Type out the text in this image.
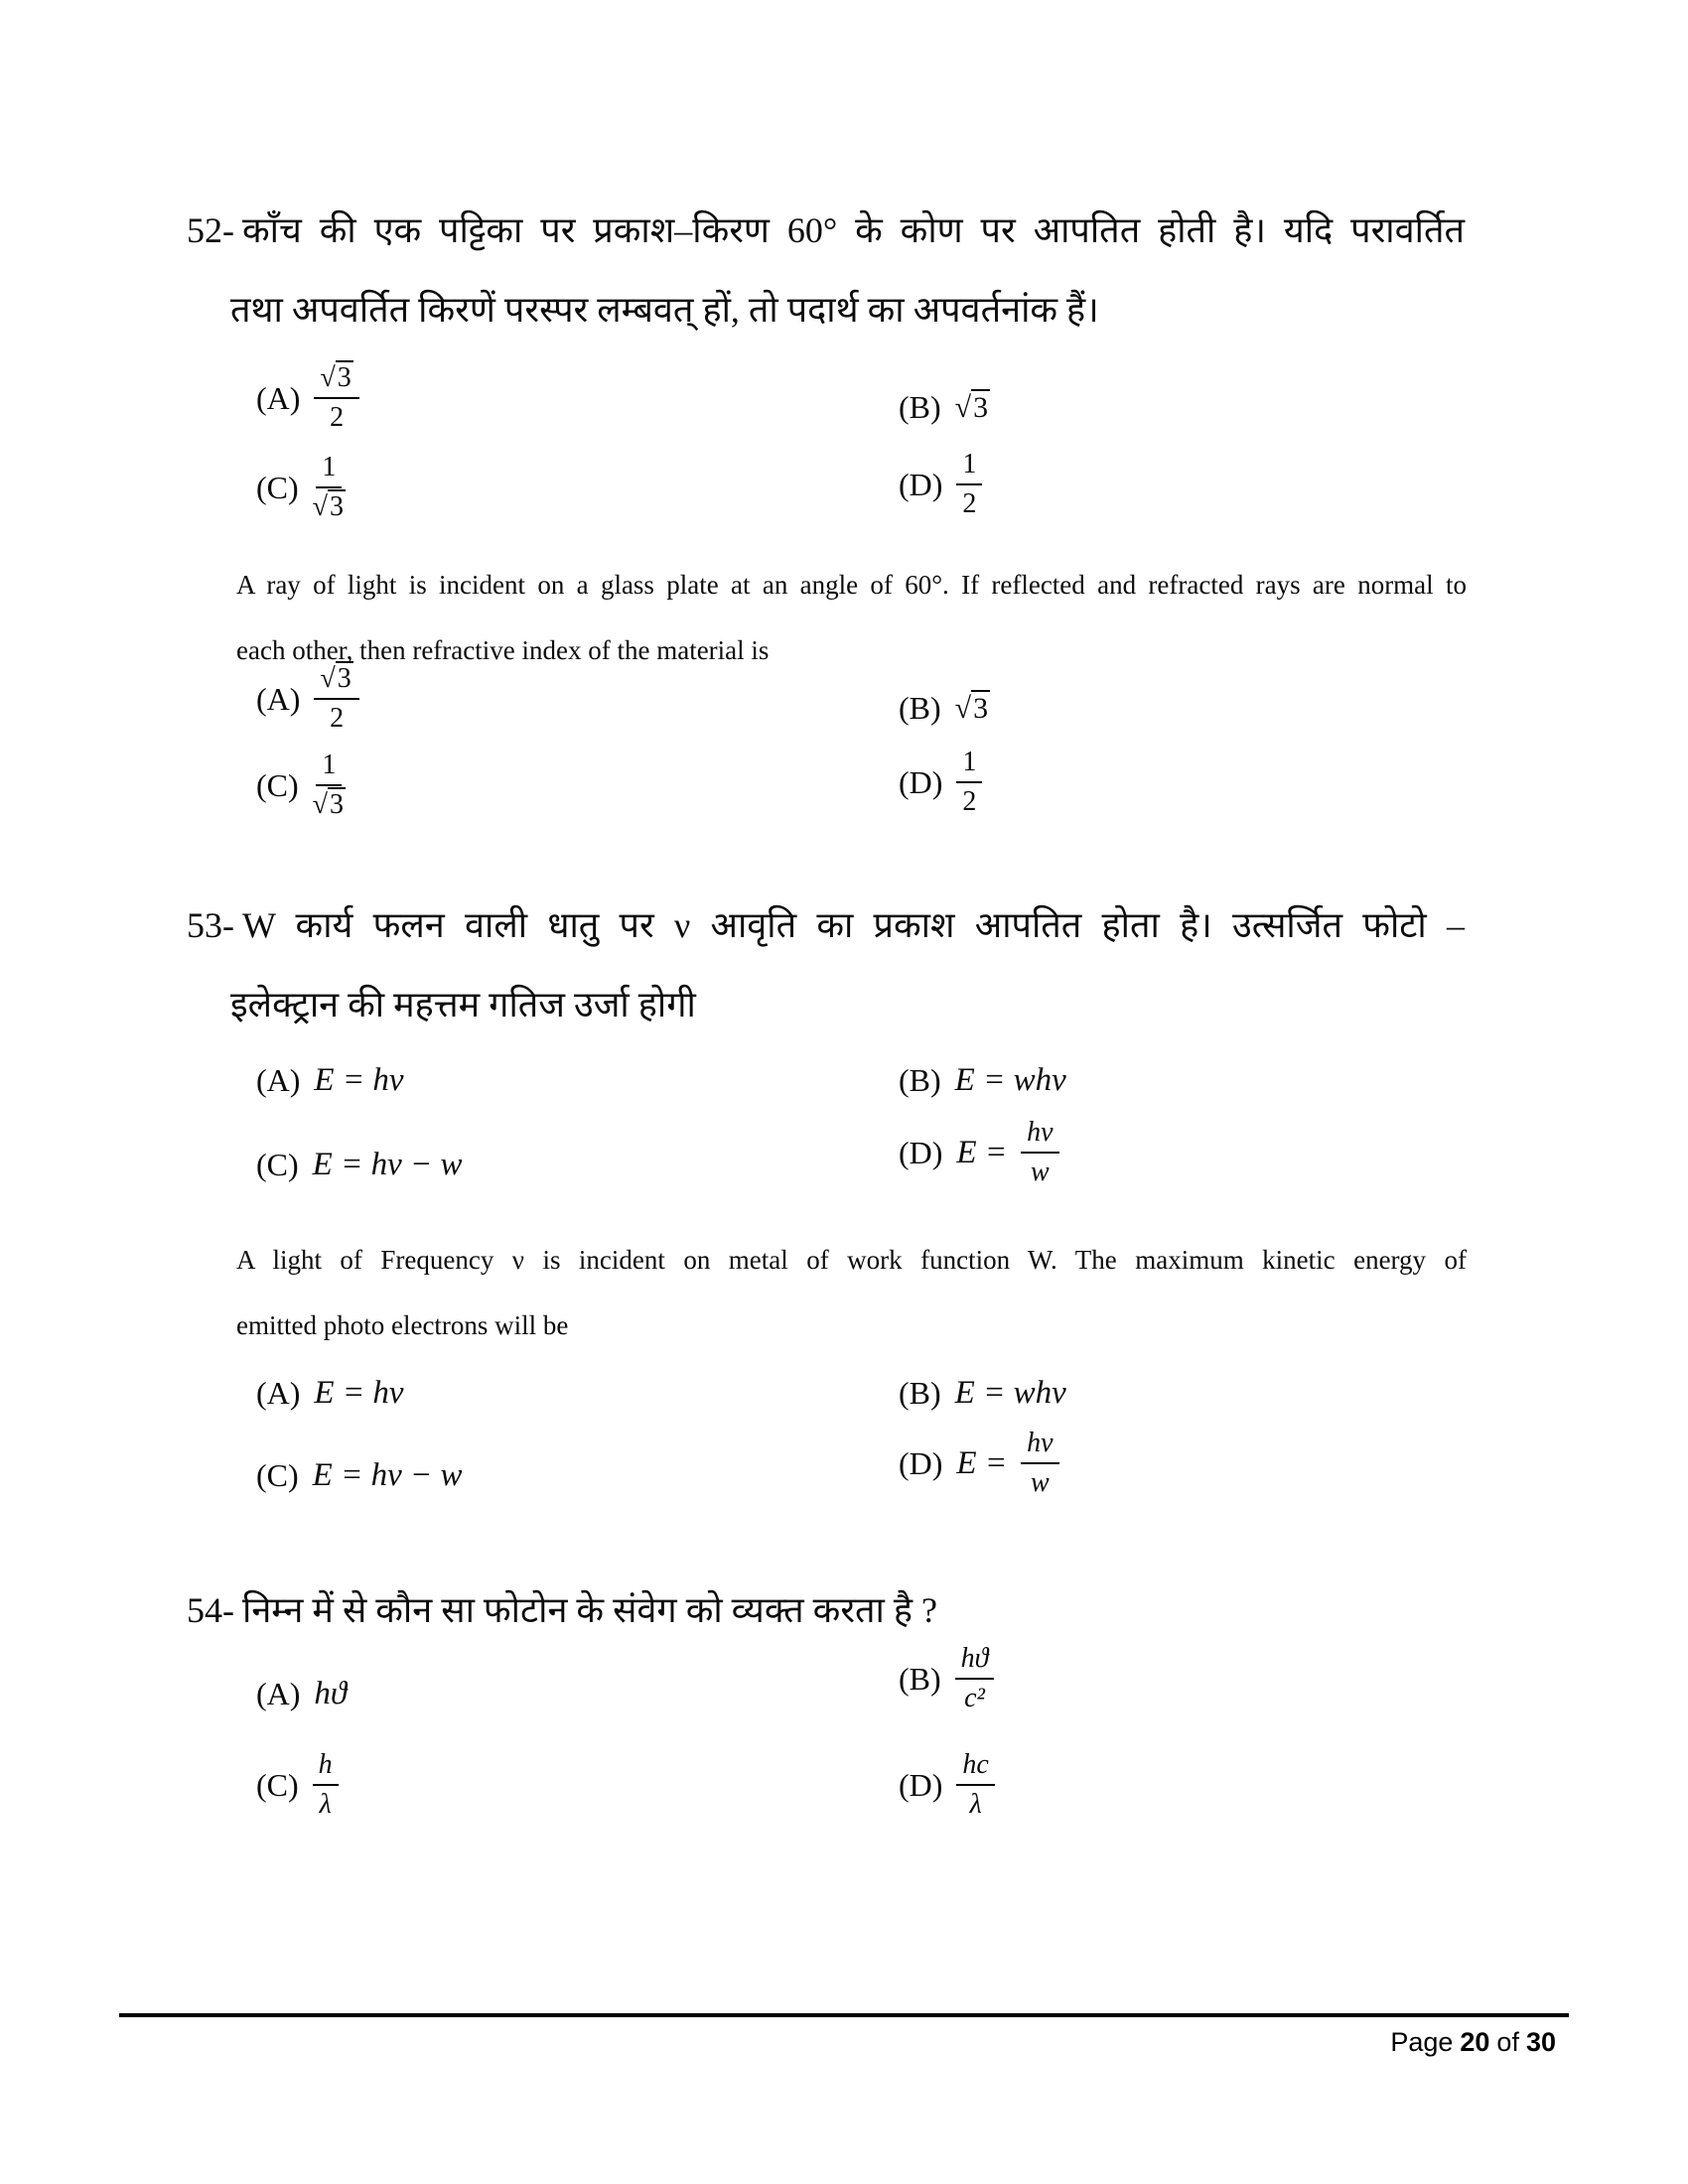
52- काँच की एक पट्टिका पर प्रकाश–किरण 60° के कोण पर आपतित होती है। यदि परावर्तित
तथा अपवर्तित किरणें परस्पर लम्बवत् हों, तो पदार्थ का अपवर्तनांक हैं।
$(A) \frac{√3}{2}$	(B) √3
$(C) \frac{1}{√3}$	$(D) \frac{1}{2}$
A ray of light is incident on a glass plate at an angle of 60°. If reflected and refracted rays are normal to
each other, then refractive index of the material is
$(A) \frac{√3}{2}$	(B) √3
$(C) \frac{1}{√3}$	$(D) \frac{1}{2}$
53- W कार्य फलन वाली धातु पर ν आवृति का प्रकाश आपतित होता है। उत्सर्जित फोटो –
इलेक्ट्रान की महत्तम गतिज उर्जा होगी
(A) E = hν	(B) E = whν
(C) E = hν − w	(D) $E = \frac{h\nu}{w}$
A light of Frequency ν is incident on metal of work function W. The maximum kinetic energy of
emitted photo electrons will be
(A) E = hν	(B) E = whν
(C) E = hν − w	(D) $E = \frac{h\nu}{w}$
54- निम्न में से कौन सा फोटोन के संवेग को व्यक्त करता है ?
(A) hϑ	$(B) \frac{hϑ}{\text{c²}}$
$(C) \frac{h}{\lambda}$	$(D) \frac{hc}{\lambda}$
Page 20 of 30
